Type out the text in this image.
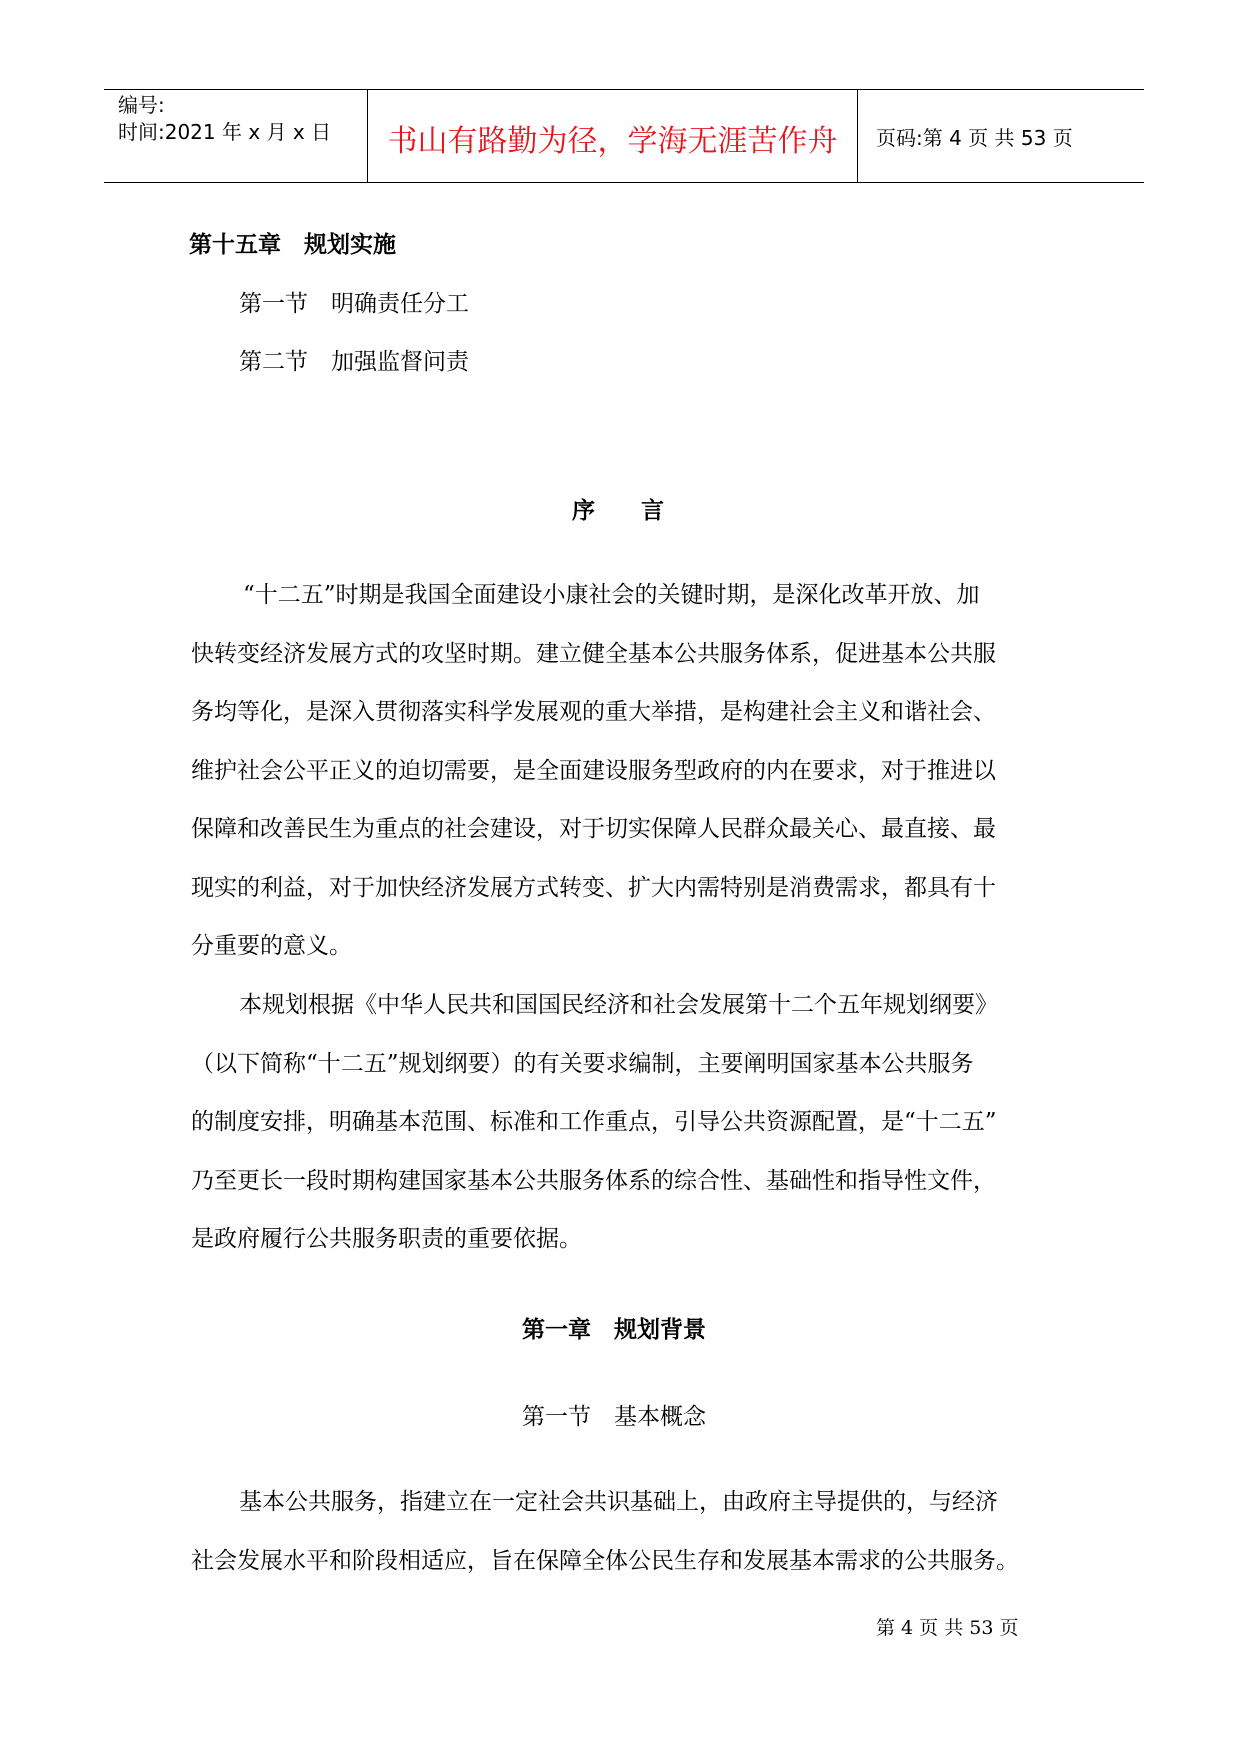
编号:
时间:2021 年 x 月 x 日	书山有路勤为径，学海无涯苦作舟 页码:第 4 页 共 53 页
第十五章　规划实施
第一节　明确责任分工
第二节　加强监督问责
序　　言
“十二五”时期是我国全面建设小康社会的关键时期，是深化改革开放、加
快转变经济发展方式的攻坚时期。建立健全基本公共服务体系，促进基本公共服
务均等化，是深入贯彻落实科学发展观的重大举措，是构建社会主义和谐社会、
维护社会公平正义的迫切需要，是全面建设服务型政府的内在要求，对于推进以
保障和改善民生为重点的社会建设，对于切实保障人民群众最关心、最直接、最
现实的利益，对于加快经济发展方式转变、扩大内需特别是消费需求，都具有十
分重要的意义。
本规划根据《中华人民共和国国民经济和社会发展第十二个五年规划纲要》
（以下简称“十二五”规划纲要）的有关要求编制，主要阐明国家基本公共服务
的制度安排，明确基本范围、标准和工作重点，引导公共资源配置，是“十二五”
乃至更长一段时期构建国家基本公共服务体系的综合性、基础性和指导性文件，
是政府履行公共服务职责的重要依据。
第一章　规划背景
第一节　基本概念
基本公共服务，指建立在一定社会共识基础上，由政府主导提供的，与经济
社会发展水平和阶段相适应，旨在保障全体公民生存和发展基本需求的公共服务。
第 4 页 共 53 页
